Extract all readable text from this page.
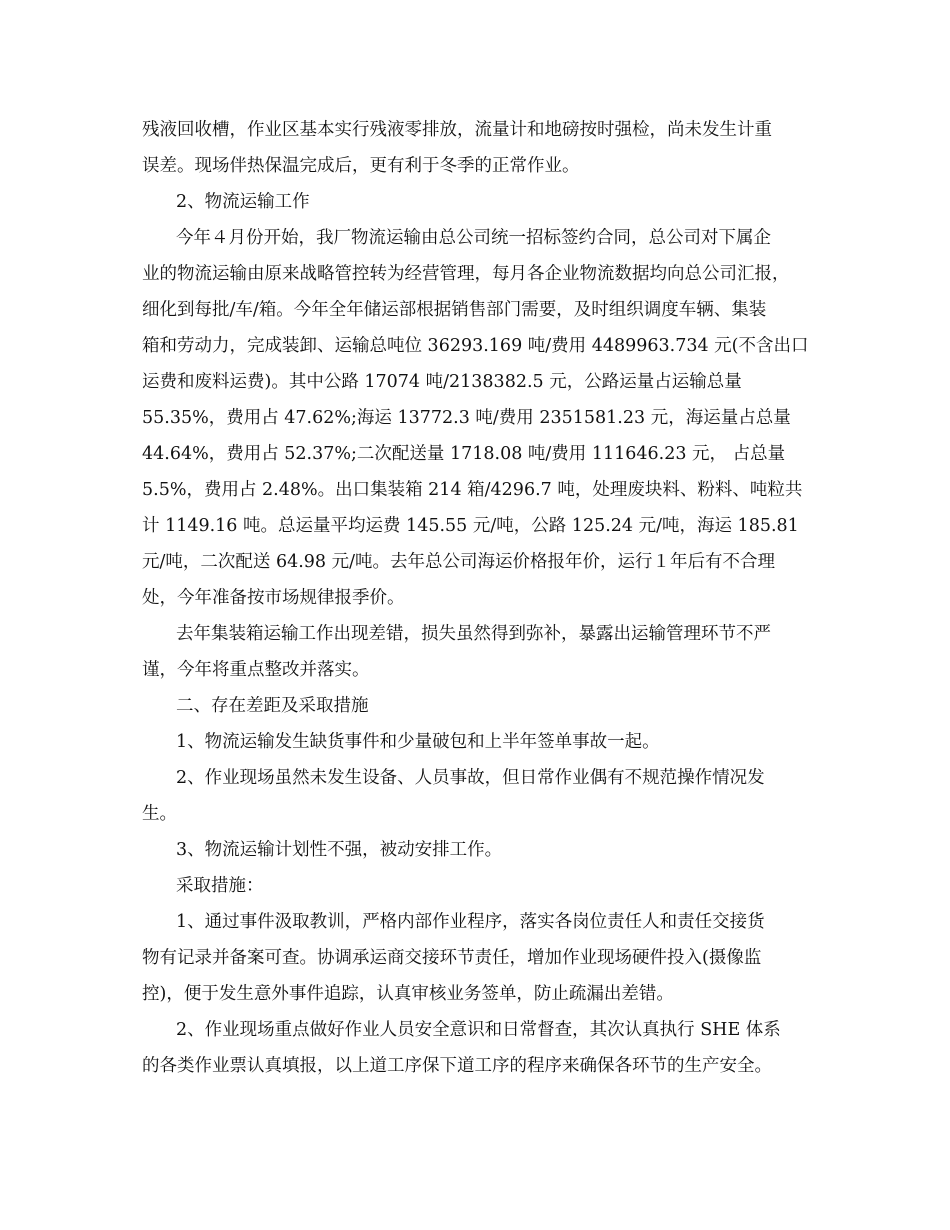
残液回收槽，作业区基本实行残液零排放，流量计和地磅按时强检，尚未发生计重
误差。现场伴热保温完成后，更有利于冬季的正常作业。
2、物流运输工作
今年４月份开始，我厂物流运输由总公司统一招标签约合同，总公司对下属企
业的物流运输由原来战略管控转为经营管理，每月各企业物流数据均向总公司汇报，
细化到每批/车/箱。今年全年储运部根据销售部门需要，及时组织调度车辆、集装
箱和劳动力，完成装卸、运输总吨位 36293.169 吨/费用 4489963.734 元(不含出口
运费和废料运费)。其中公路 17074 吨/2138382.5 元，公路运量占运输总量
55.35%，费用占 47.62%;海运 13772.3 吨/费用 2351581.23 元，海运量占总量
44.64%，费用占 52.37%;二次配送量 1718.08 吨/费用 111646.23 元， 占总量
5.5%，费用占 2.48%。出口集装箱 214 箱/4296.7 吨，处理废块料、粉料、吨粒共
计 1149.16 吨。总运量平均运费 145.55 元/吨，公路 125.24 元/吨，海运 185.81
元/吨，二次配送 64.98 元/吨。去年总公司海运价格报年价，运行１年后有不合理
处，今年准备按市场规律报季价。
去年集装箱运输工作出现差错，损失虽然得到弥补，暴露出运输管理环节不严
谨，今年将重点整改并落实。
二、存在差距及采取措施
1、物流运输发生缺货事件和少量破包和上半年签单事故一起。
2、作业现场虽然未发生设备、人员事故，但日常作业偶有不规范操作情况发
生。
3、物流运输计划性不强，被动安排工作。
采取措施：
1、通过事件汲取教训，严格内部作业程序，落实各岗位责任人和责任交接货
物有记录并备案可查。协调承运商交接环节责任，增加作业现场硬件投入(摄像监
控)，便于发生意外事件追踪，认真审核业务签单，防止疏漏出差错。
2、作业现场重点做好作业人员安全意识和日常督查，其次认真执行 SHE 体系
的各类作业票认真填报，以上道工序保下道工序的程序来确保各环节的生产安全。
